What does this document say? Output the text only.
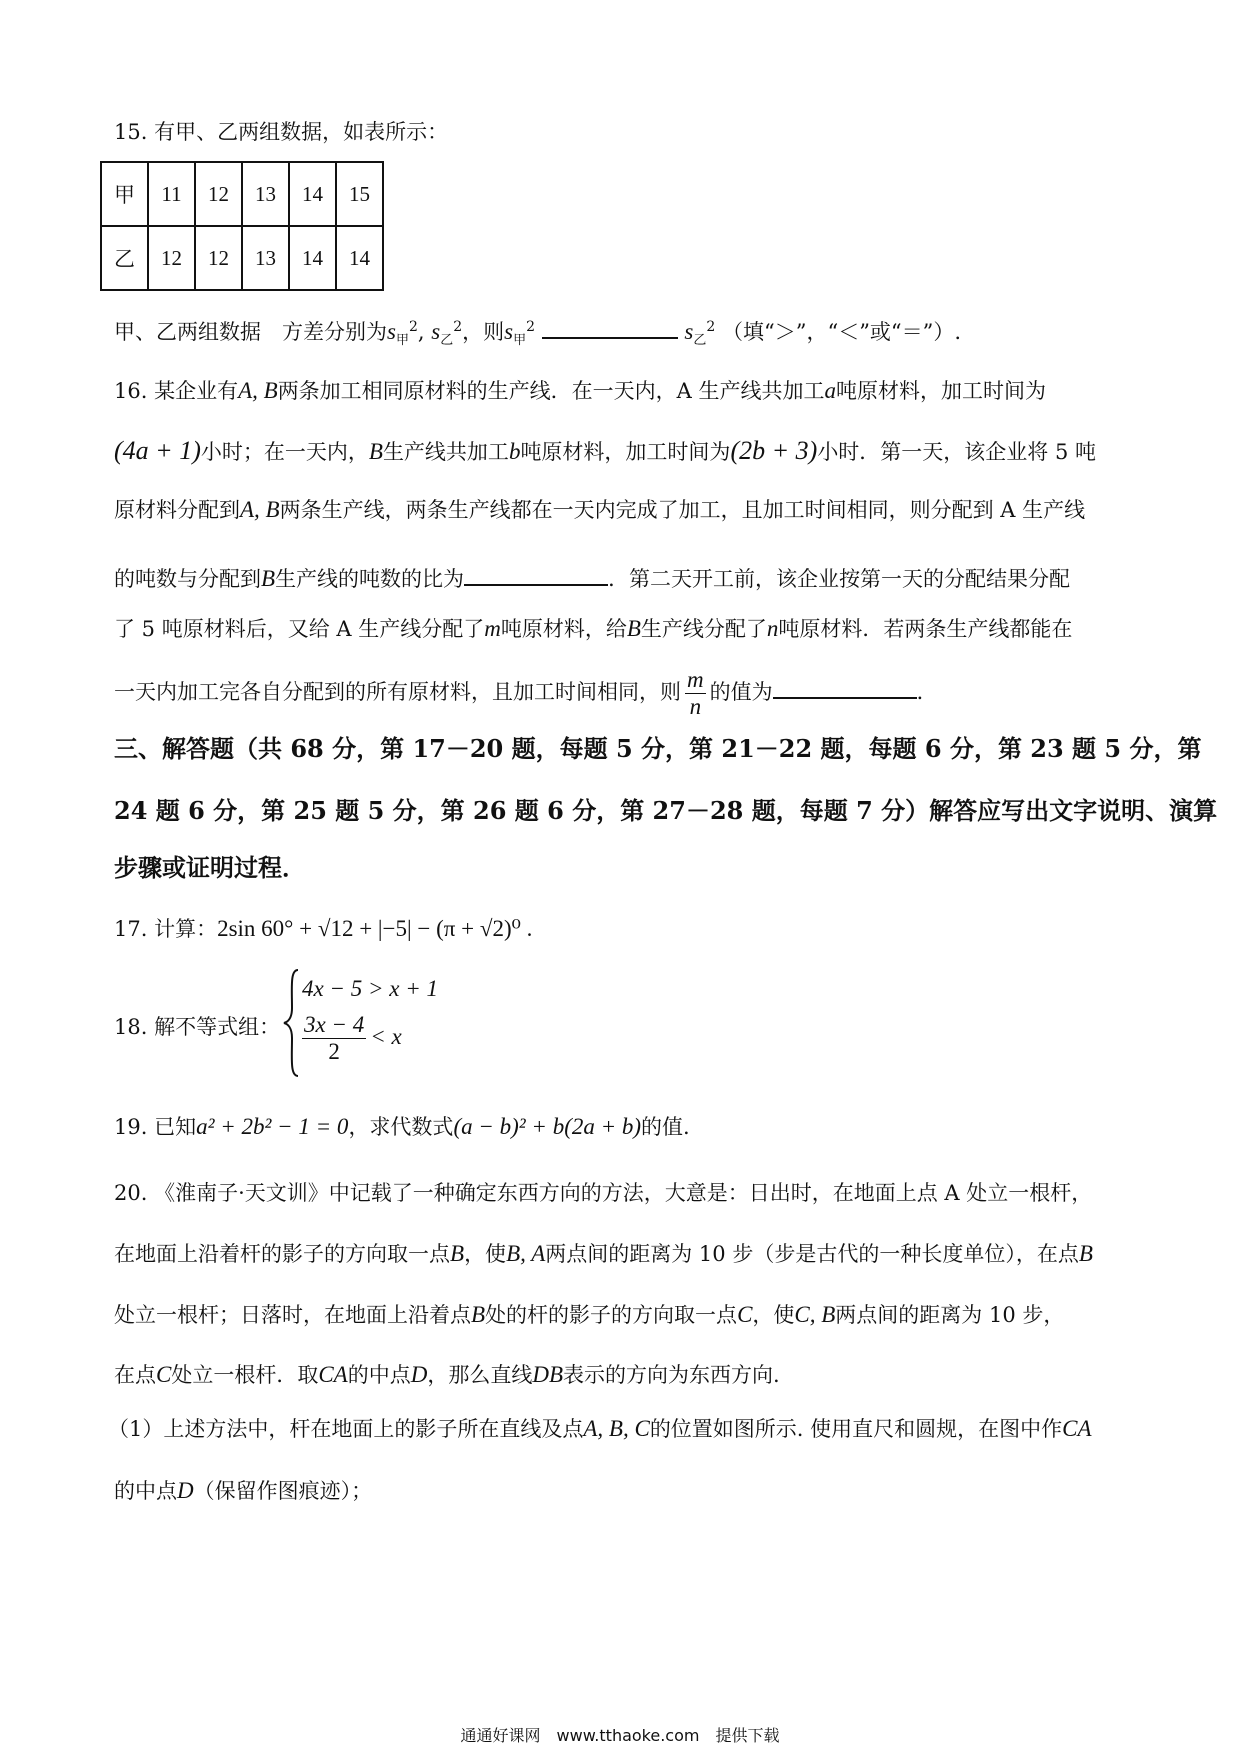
15. 有甲、乙两组数据，如表所示：
甲	11	12	13	14	15
乙	12	12	13	14	14
甲、乙两组数据　方差分别为$s_甲^2$, $s_乙^2$，则$s_甲^2$	$s_乙^2$ （填“＞”，“＜”或“＝”）.
16. 某企业有A, B两条加工相同原材料的生产线．在一天内，A 生产线共加工a吨原材料，加工时间为
(4a + 1)小时；在一天内，B生产线共加工b吨原材料，加工时间为(2b + 3)小时．第一天，该企业将 5 吨
原材料分配到A, B两条生产线，两条生产线都在一天内完成了加工，且加工时间相同，则分配到 A 生产线
的吨数与分配到B生产线的吨数的比为	．第二天开工前，该企业按第一天的分配结果分配
了 5 吨原材料后，又给 A 生产线分配了m吨原材料，给B生产线分配了n吨原材料．若两条生产线都能在
一天内加工完各自分配到的所有原材料，且加工时间相同，则 $\frac{m}{n}$ 的值为	．
三、解答题（共 68 分，第 17－20 题，每题 5 分，第 21－22 题，每题 6 分，第 23 题 5 分，第
24 题 6 分，第 25 题 5 分，第 26 题 6 分，第 27－28 题，每题 7 分）解答应写出文字说明、演算
步骤或证明过程．
17. 计算：2sin 60° + √12 + |−5| − (π + √2)⁰ .
18. 解不等式组：
4x − 5 > x + 1
$\frac{3x - 4}{2} < x$
19. 已知a² + 2b² − 1 = 0，求代数式(a − b)² + b(2a + b)的值.
20. 《淮南子·天文训》中记载了一种确定东西方向的方法，大意是：日出时，在地面上点 A 处立一根杆，
在地面上沿着杆的影子的方向取一点B，使B, A两点间的距离为 10 步（步是古代的一种长度单位），在点B
处立一根杆；日落时，在地面上沿着点B处的杆的影子的方向取一点C，使C, B两点间的距离为 10 步，
在点C处立一根杆．取CA的中点D，那么直线DB表示的方向为东西方向.
（1）上述方法中，杆在地面上的影子所在直线及点A, B, C的位置如图所示. 使用直尺和圆规，在图中作CA
的中点D（保留作图痕迹）；
通通好课网　www.tthaoke.com　提供下载
